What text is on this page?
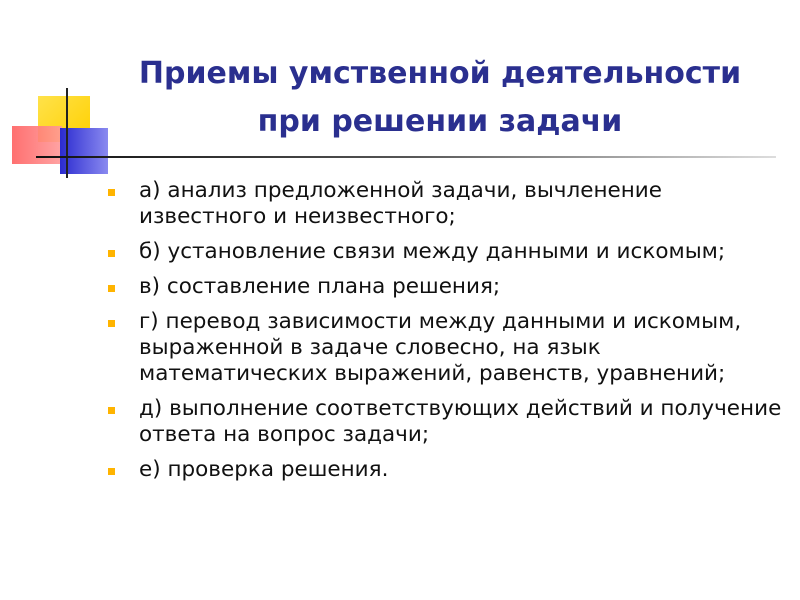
Приемы умственной деятельности
при решении задачи
а) анализ предложенной задачи, вычленение известного и неизвестного;
б) установление связи между данными и искомым;
в) составление плана решения;
г) перевод зависимости между данными и искомым, выраженной в задаче словесно, на язык математических выражений, равенств, уравнений;
д) выполнение соответствующих действий и получение ответа на вопрос задачи;
е) проверка решения.
